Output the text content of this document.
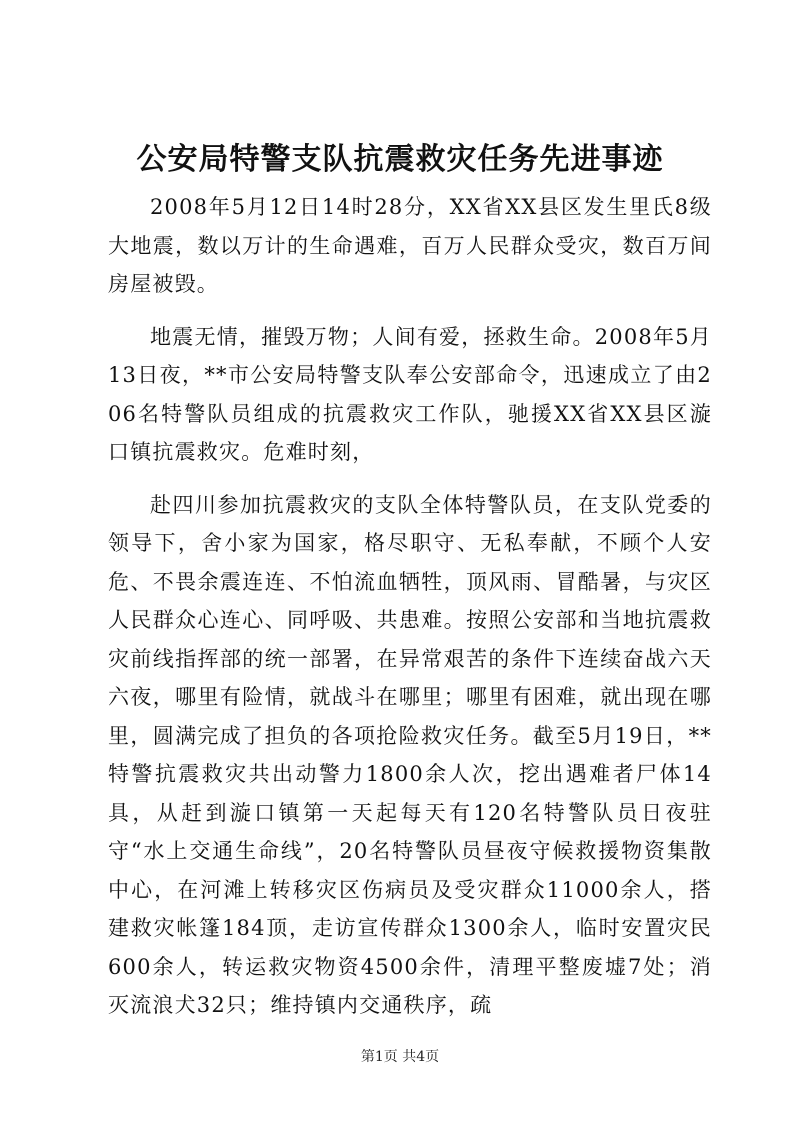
公安局特警支队抗震救灾任务先进事迹

2008年5月12日14时28分，XX省XX县区发生里氏8级大地震，数以万计的生命遇难，百万人民群众受灾，数百万间房屋被毁。

地震无情，摧毁万物；人间有爱，拯救生命。2008年5月13日夜，**市公安局特警支队奉公安部命令，迅速成立了由206名特警队员组成的抗震救灾工作队，驰援XX省XX县区漩口镇抗震救灾。危难时刻，

赴四川参加抗震救灾的支队全体特警队员，在支队党委的领导下，舍小家为国家，格尽职守、无私奉献，不顾个人安危、不畏余震连连、不怕流血牺牲，顶风雨、冒酷暑，与灾区人民群众心连心、同呼吸、共患难。按照公安部和当地抗震救灾前线指挥部的统一部署，在异常艰苦的条件下连续奋战六天六夜，哪里有险情，就战斗在哪里；哪里有困难，就出现在哪里，圆满完成了担负的各项抢险救灾任务。截至5月19日，**特警抗震救灾共出动警力1800余人次，挖出遇难者尸体14具，从赶到漩口镇第一天起每天有120名特警队员日夜驻守“水上交通生命线”，20名特警队员昼夜守候救援物资集散中心，在河滩上转移灾区伤病员及受灾群众11000余人，搭建救灾帐篷184顶，走访宣传群众1300余人，临时安置灾民600余人，转运救灾物资4500余件，清理平整废墟7处；消灭流浪犬32只；维持镇内交通秩序，疏

第1页 共4页
